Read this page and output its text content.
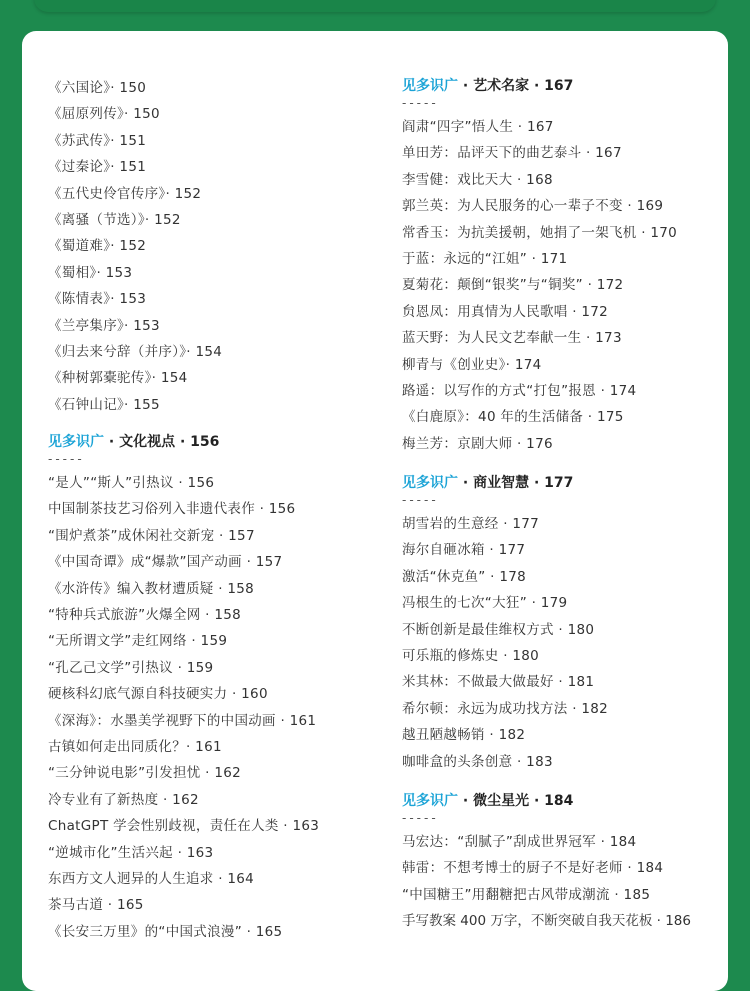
《六国论》· 150
《屈原列传》· 150
《苏武传》· 151
《过秦论》· 151
《五代史伶官传序》· 152
《离骚（节选）》· 152
《蜀道难》· 152
《蜀相》· 153
《陈情表》· 153
《兰亭集序》· 153
《归去来兮辞（并序）》· 154
《种树郭橐驼传》· 154
《石钟山记》· 155
见多识广 · 文化视点 · 156
-----
“是人”“斯人”引热议 · 156
中国制茶技艺习俗列入非遗代表作 · 156
“围炉煮茶”成休闲社交新宠 · 157
《中国奇谭》成“爆款”国产动画 · 157
《水浒传》编入教材遭质疑 · 158
“特种兵式旅游”火爆全网 · 158
“无所谓文学”走红网络 · 159
“孔乙己文学”引热议 · 159
硬核科幻底气源自科技硬实力 · 160
《深海》：水墨美学视野下的中国动画 · 161
古镇如何走出同质化？· 161
“三分钟说电影”引发担忧 · 162
冷专业有了新热度 · 162
ChatGPT 学会性别歧视，责任在人类 · 163
“逆城市化”生活兴起 · 163
东西方文人迥异的人生追求 · 164
茶马古道 · 165
《长安三万里》的“中国式浪漫” · 165
见多识广 · 艺术名家 · 167
-----
阎肃“四字”悟人生 · 167
单田芳：品评天下的曲艺泰斗 · 167
李雪健：戏比天大 · 168
郭兰英：为人民服务的心一辈子不变 · 169
常香玉：为抗美援朝，她捐了一架飞机 · 170
于蓝：永远的“江姐” · 171
夏菊花：颠倒“银奖”与“铜奖” · 172
贠恩凤：用真情为人民歌唱 · 172
蓝天野：为人民文艺奉献一生 · 173
柳青与《创业史》· 174
路遥：以写作的方式“打包”报恩 · 174
《白鹿原》：40 年的生活储备 · 175
梅兰芳：京剧大师 · 176
见多识广 · 商业智慧 · 177
-----
胡雪岩的生意经 · 177
海尔自砸冰箱 · 177
激活“休克鱼” · 178
冯根生的七次“大狂” · 179
不断创新是最佳维权方式 · 180
可乐瓶的修炼史 · 180
米其林：不做最大做最好 · 181
希尔顿：永远为成功找方法 · 182
越丑陋越畅销 · 182
咖啡盒的头条创意 · 183
见多识广 · 微尘星光 · 184
-----
马宏达：“刮腻子”刮成世界冠军 · 184
韩雷：不想考博士的厨子不是好老师 · 184
“中国糖王”用翻糖把古风带成潮流 · 185
手写教案 400 万字，不断突破自我天花板 · 186
